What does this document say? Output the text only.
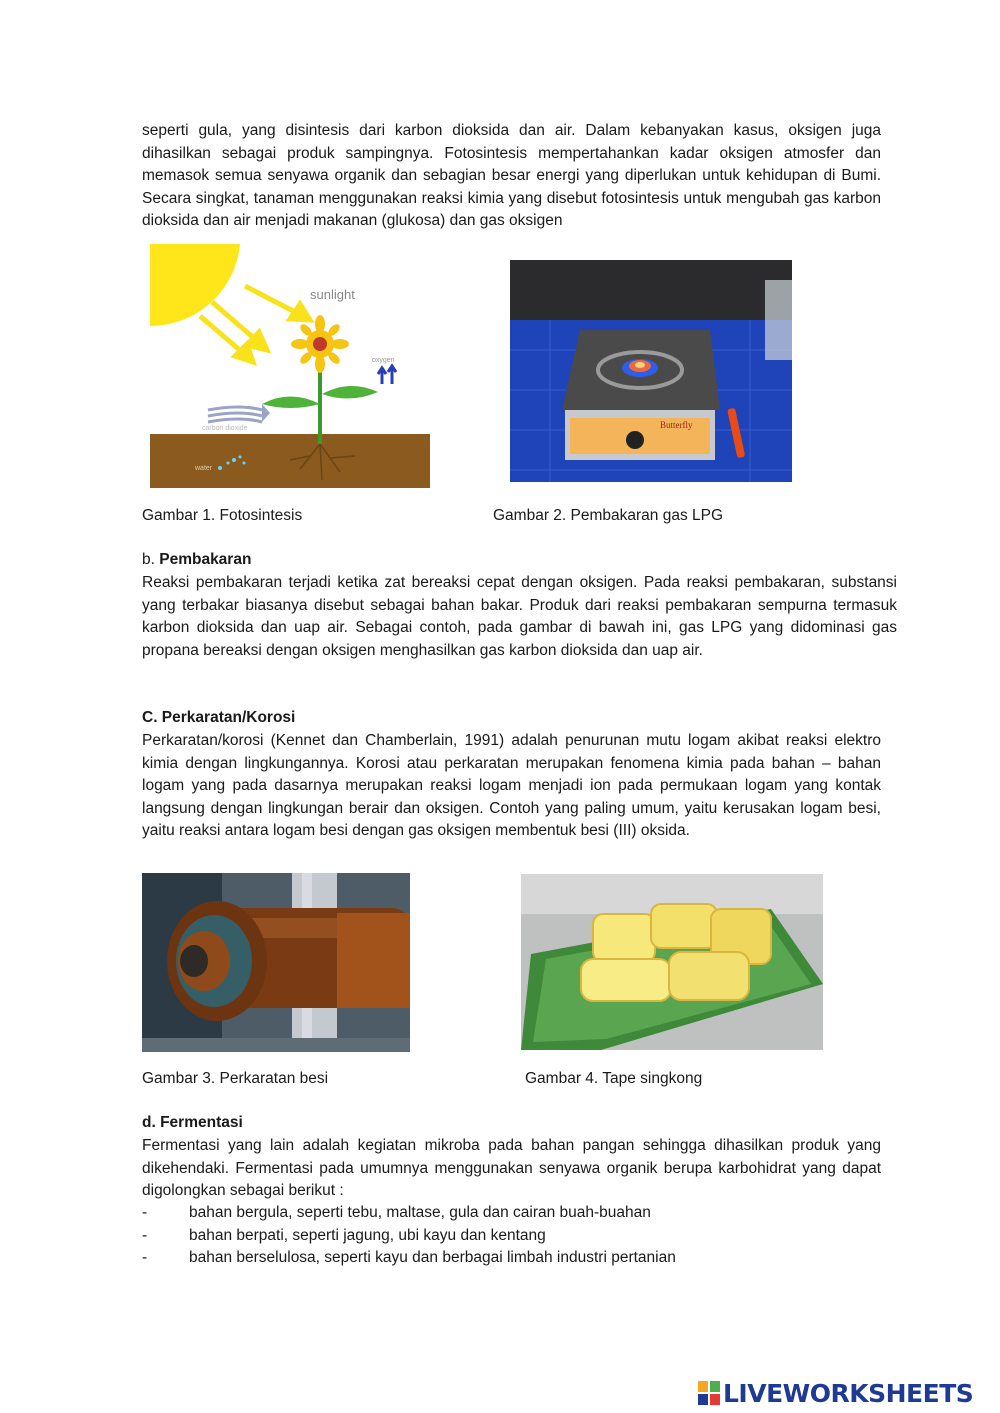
seperti gula, yang disintesis dari karbon dioksida dan air. Dalam kebanyakan kasus, oksigen juga dihasilkan sebagai produk sampingnya. Fotosintesis mempertahankan kadar oksigen atmosfer dan memasok semua senyawa organik dan sebagian besar energi yang diperlukan untuk kehidupan di Bumi. Secara singkat, tanaman menggunakan reaksi kimia yang disebut fotosintesis untuk mengubah gas karbon dioksida dan air menjadi makanan (glukosa) dan gas oksigen

sunlight
oxygen
carbon dioxide
water
Butterfly

Gambar 1. Fotosintesis	Gambar 2. Pembakaran gas LPG

b. Pembakaran

Reaksi pembakaran terjadi ketika zat bereaksi cepat dengan oksigen. Pada reaksi pembakaran, substansi yang terbakar biasanya disebut sebagai bahan bakar. Produk dari reaksi pembakaran sempurna termasuk karbon dioksida dan uap air. Sebagai contoh, pada gambar di bawah ini, gas LPG yang didominasi gas propana bereaksi dengan oksigen menghasilkan gas karbon dioksida dan uap air.

C. Perkaratan/Korosi

Perkaratan/korosi (Kennet dan Chamberlain, 1991) adalah penurunan mutu logam akibat reaksi elektro kimia dengan lingkungannya. Korosi atau perkaratan merupakan fenomena kimia pada bahan – bahan logam yang pada dasarnya merupakan reaksi logam menjadi ion pada permukaan logam yang kontak langsung dengan lingkungan berair dan oksigen. Contoh yang paling umum, yaitu kerusakan logam besi, yaitu reaksi antara logam besi dengan gas oksigen membentuk besi (III) oksida.

Gambar 3. Perkaratan besi	Gambar 4. Tape singkong

d. Fermentasi

Fermentasi yang lain adalah kegiatan mikroba pada bahan pangan sehingga dihasilkan produk yang dikehendaki. Fermentasi pada umumnya menggunakan senyawa organik berupa karbohidrat yang dapat digolongkan sebagai berikut :

-	bahan bergula, seperti tebu, maltase, gula dan cairan buah-buahan
-	bahan berpati, seperti jagung, ubi kayu dan kentang
-	bahan berselulosa, seperti kayu dan berbagai limbah industri pertanian
LIVEWORKSHEETS
